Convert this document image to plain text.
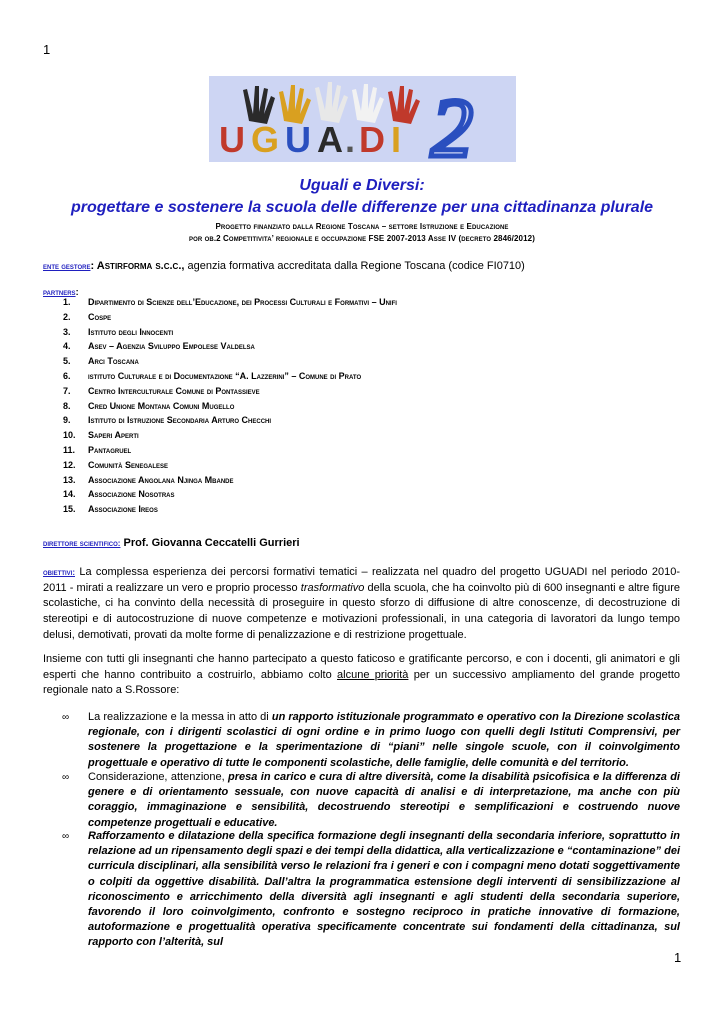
1
U G U A . D I 2
Uguali e Diversi:
progettare e sostenere la scuola delle differenze per una cittadinanza plurale
Progetto finanziato dalla Regione Toscana – settore Istruzione e Educazione
por ob.2 Competitivita’ regionale e occupazione FSE 2007-2013 Asse IV (decreto 2846/2012)
ente gestore: Astirforma s.c.c., agenzia formativa accreditata dalla Regione Toscana (codice FI0710)
partners:
1. Dipartimento di Scienze dell’Educazione, dei Processi Culturali e Formativi – Unifi
2. Cospe
3. Istituto degli Innocenti
4. Asev – Agenzia Sviluppo Empolese Valdelsa
5. Arci Toscana
6. istituto Culturale e di Documentazione “A. Lazzerini” – Comune di Prato
7. Centro Interculturale Comune di Pontassieve
8. Cred Unione Montana Comuni Mugello
9. Istituto di Istruzione Secondaria Arturo Checchi
10. Saperi Aperti
11. Pantagruel
12. Comunità Senegalese
13. Associazione Angolana Njinga Mbande
14. Associazione Nosotras
15. Associazione Ireos
direttore scientifico: Prof. Giovanna Ceccatelli Gurrieri

obiettivi: La complessa esperienza dei percorsi formativi tematici – realizzata nel quadro del progetto UGUADI nel periodo 2010-2011 - mirati a realizzare un vero e proprio processo trasformativo della scuola, che ha coinvolto più di 600 insegnanti e altre figure scolastiche, ci ha convinto della necessità di proseguire in questo sforzo di diffusione di altre conoscenze, di decostruzione di stereotipi e di autocostruzione di nuove competenze e motivazioni professionali, in una categoria di lavoratori da lungo tempo delusi, demotivati, provati da molte forme di penalizzazione e di restrizione progettuale.

Insieme con tutti gli insegnanti che hanno partecipato a questo faticoso e gratificante percorso, e con i docenti, gli animatori e gli esperti che hanno contribuito a costruirlo, abbiamo colto alcune priorità per un successivo ampliamento del grande progetto regionale nato a S.Rossore:

∞ La realizzazione e la messa in atto di un rapporto istituzionale programmato e operativo con la Direzione scolastica regionale, con i dirigenti scolastici di ogni ordine e in primo luogo con quelli degli Istituti Comprensivi, per sostenere la progettazione e la sperimentazione di “piani” nelle singole scuole, con il coinvolgimento progettuale e operativo di tutte le componenti scolastiche, delle famiglie, delle comunità e del territorio.
∞ Considerazione, attenzione, presa in carico e cura di altre diversità, come la disabilità psicofisica e la differenza di genere e di orientamento sessuale, con nuove capacità di analisi e di interpretazione, ma anche con più coraggio, immaginazione e sensibilità, decostruendo stereotipi e semplificazioni e costruendo nuove competenze progettuali e educative.
∞ Rafforzamento e dilatazione della specifica formazione degli insegnanti della secondaria inferiore, soprattutto in relazione ad un ripensamento degli spazi e dei tempi della didattica, alla verticalizzazione e “contaminazione” dei curricula disciplinari, alla sensibilità verso le relazioni fra i generi e con i compagni meno dotati soggettivamente o colpiti da oggettive disabilità. Dall’altra la programmatica estensione degli interventi di sensibilizzazione al riconoscimento e arricchimento della diversità agli insegnanti e agli studenti della secondaria superiore, favorendo il loro coinvolgimento, confronto e sostegno reciproco in pratiche innovative di formazione, autoformazione e progettualità operativa specificamente concentrate sui fondamenti della cittadinanza, sul rapporto con l’alterità, sul
1
